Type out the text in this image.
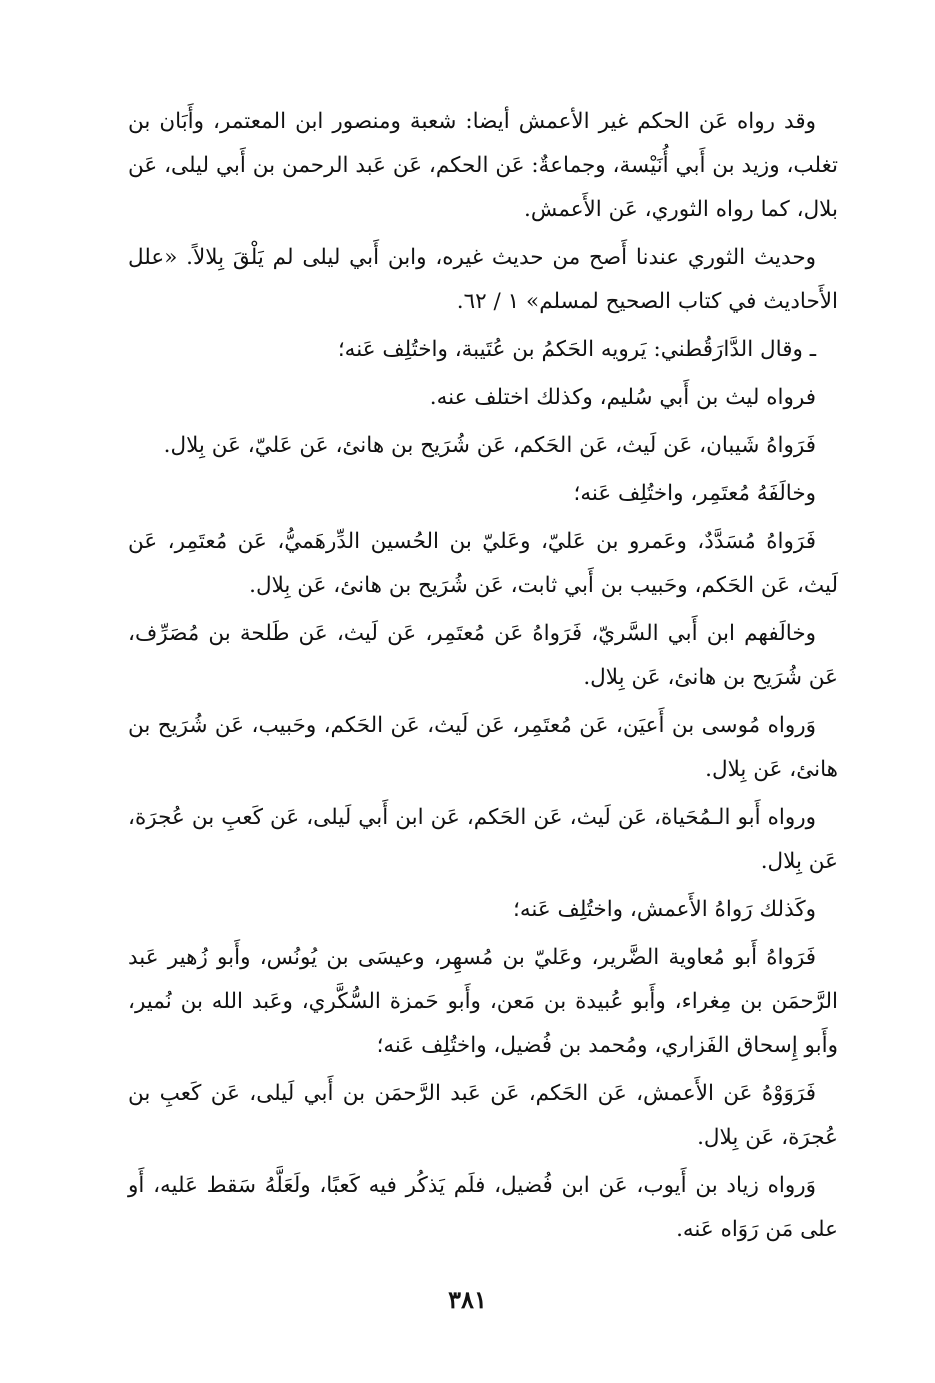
وقد رواه عَن الحكم غير الأعمش أيضا: شعبة ومنصور ابن المعتمر، وأَبَان بن تغلب، وزيد بن أَبي أُنَيْسة، وجماعةٌ: عَن الحكم، عَن عَبد الرحمن بن أَبي ليلى، عَن بلال، كما رواه الثوري، عَن الأَعمش.

وحديث الثوري عندنا أَصح من حديث غيره، وابن أَبي ليلى لم يَلْقَ بِلالاً. «علل الأَحاديث في كتاب الصحيح لمسلم» ١ / ٦٢.

ـ وقال الدَّارَقُطني: يَرويه الحَكمُ بن عُتَيبة، واختُلِف عَنه؛

فرواه ليث بن أَبي سُليم، وكذلك اختلف عنه.

فَرَواهُ شَيبان، عَن لَيث، عَن الحَكم، عَن شُرَيح بن هانئ، عَن عَليّ، عَن بِلال.

وخالَفَهُ مُعتَمِر، واختُلِف عَنه؛

فَرَواهُ مُسَدَّدٌ، وعَمرو بن عَليّ، وعَليّ بن الحُسين الدِّرهَميُّ، عَن مُعتَمِر، عَن لَيث، عَن الحَكم، وحَبيب بن أَبي ثابت، عَن شُرَيح بن هانئ، عَن بِلال.

وخالَفهم ابن أَبي السَّريّ، فَرَواهُ عَن مُعتَمِر، عَن لَيث، عَن طَلحة بن مُصَرِّف، عَن شُرَيح بن هانئ، عَن بِلال.

وَرواه مُوسى بن أَعيَن، عَن مُعتَمِر، عَن لَيث، عَن الحَكم، وحَبيب، عَن شُرَيح بن هانئ، عَن بِلال.

ورواه أَبو الـمُحَياة، عَن لَيث، عَن الحَكم، عَن ابن أَبي لَيلى، عَن كَعبِ بن عُجرَة، عَن بِلال.

وكَذلك رَواهُ الأَعمش، واختُلِف عَنه؛

فَرَواهُ أَبو مُعاوية الضَّرير، وعَليّ بن مُسهِر، وعيسَى بن يُونُس، وأَبو زُهير عَبد الرَّحمَن بن مِغراء، وأَبو عُبيدة بن مَعن، وأَبو حَمزة السُّكَّري، وعَبد الله بن نُمير، وأَبو إِسحاق الفَزاري، ومُحمد بن فُضيل، واختُلِف عَنه؛

فَرَوَوْهُ عَن الأَعمش، عَن الحَكم، عَن عَبد الرَّحمَن بن أَبي لَيلى، عَن كَعبِ بن عُجرَة، عَن بِلال.

وَرواه زياد بن أَيوب، عَن ابن فُضيل، فلَم يَذكُر فيه كَعبًا، ولَعَلَّهُ سَقط عَليه، أَو على مَن رَوَاه عَنه.

٣٨١
